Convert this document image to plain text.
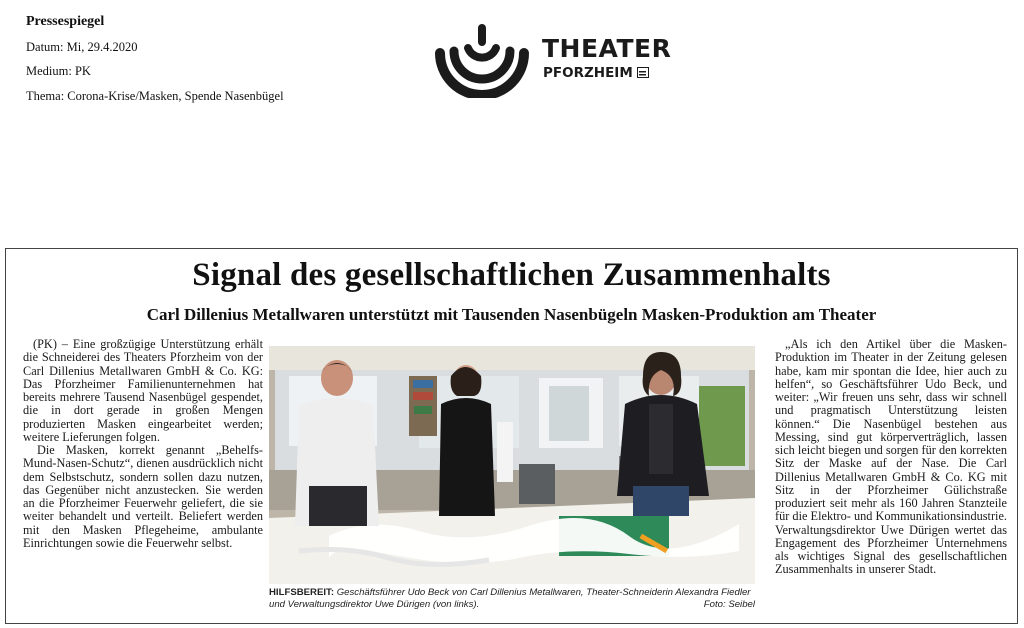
Pressespiegel
Datum: Mi, 29.4.2020
Medium: PK
Thema: Corona-Krise/Masken, Spende Nasenbügel
THEATER
PFORZHEIM
Signal des gesellschaftlichen Zusammenhalts
Carl Dillenius Metallwaren unterstützt mit Tausenden Nasenbügeln Masken-Produktion am Theater

(PK) – Eine großzügige Unterstützung erhält die Schneiderei des Theaters Pforzheim von der Carl Dillenius Metallwaren GmbH & Co. KG: Das Pforzheimer Familienunternehmen hat bereits mehrere Tausend Nasenbügel gespendet, die in dort gerade in großen Mengen produzierten Masken eingearbeitet werden; weitere Lieferungen folgen.

Die Masken, korrekt genannt „Behelfs-Mund-Nasen-Schutz“, dienen ausdrücklich nicht dem Selbstschutz, sondern sollen dazu nutzen, das Gegenüber nicht anzustecken. Sie werden an die Pforzheimer Feuerwehr geliefert, die sie weiter behandelt und verteilt. Beliefert werden mit den Masken Pflegeheime, ambulante Einrichtungen sowie die Feuerwehr selbst.

HILFSBEREIT: Geschäftsführer Udo Beck von Carl Dillenius Metallwaren, Theater-Schneiderin Alexandra Fiedler und Verwaltungsdirektor Uwe Dürigen (von links).	Foto: Seibel

„Als ich den Artikel über die Masken-Produktion im Theater in der Zeitung gelesen habe, kam mir spontan die Idee, hier auch zu helfen“, so Geschäftsführer Udo Beck, und weiter: „Wir freuen uns sehr, dass wir schnell und pragmatisch Unterstützung leisten können.“ Die Nasenbügel bestehen aus Messing, sind gut körperverträglich, lassen sich leicht biegen und sorgen für den korrekten Sitz der Maske auf der Nase. Die Carl Dillenius Metallwaren GmbH & Co. KG mit Sitz in der Pforzheimer Gülichstraße produziert seit mehr als 160 Jahren Stanzteile für die Elektro- und Kommunikationsindustrie. Verwaltungsdirektor Uwe Dürigen wertet das Engagement des Pforzheimer Unternehmens als wichtiges Signal des gesellschaftlichen Zusammenhalts in unserer Stadt.
